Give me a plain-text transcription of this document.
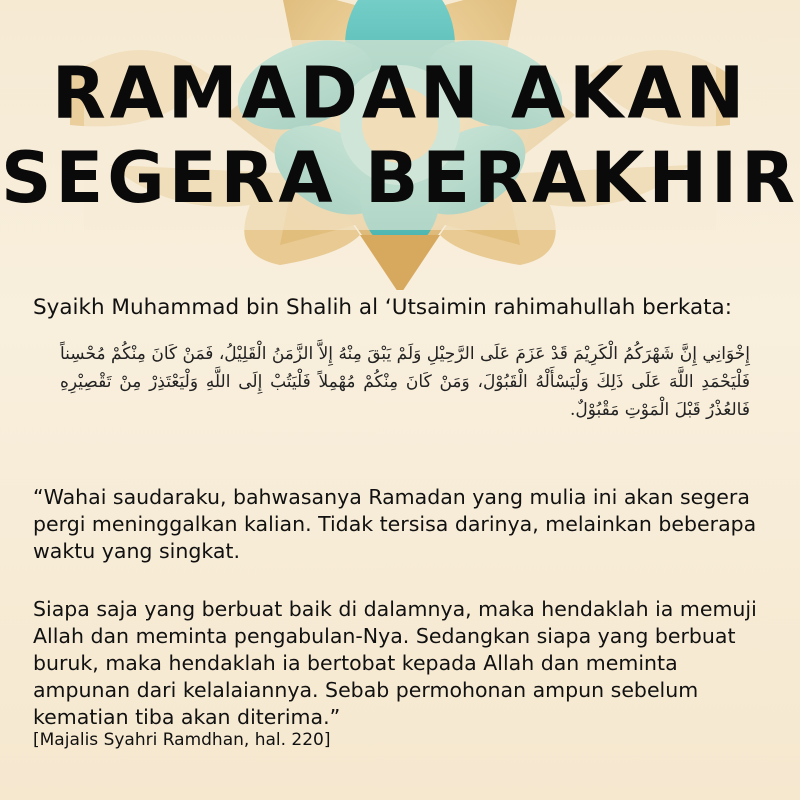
RAMADAN AKAN
SEGERA BERAKHIR
Syaikh Muhammad bin Shalih al ‘Utsaimin rahimahullah berkata:
إِخْوَانِي إِنَّ شَهْرَكُمُ الْكَرِيْمَ قَدْ عَزَمَ عَلَى الرَّحِيْلِ وَلَمْ يَبْقَ مِنْهُ إِلاَّ الزَّمَنُ الْقَلِيْلُ، فَمَنْ كَانَ مِنْكُمْ مُحْسِناً فَلْيَحْمَدِ اللَّهَ عَلَى ذَلِكَ وَلْيَسْأَلْهُ الْقَبُوْلَ، وَمَنْ كَانَ مِنْكُمْ مُهْمِلاً فَلْيَتُبْ إِلَى اللَّهِ وَلْيَعْتَذِرْ مِنْ تَقْصِيْرِهِ فَالعُذْرُ قَبْلَ الْمَوْتِ مَقْبُوْلٌ.
“Wahai saudaraku, bahwasanya Ramadan yang mulia ini akan segera pergi meninggalkan kalian. Tidak tersisa darinya, melainkan beberapa waktu yang singkat.
Siapa saja yang berbuat baik di dalamnya, maka hendaklah ia memuji Allah dan meminta pengabulan-Nya. Sedangkan siapa yang berbuat buruk, maka hendaklah ia bertobat kepada Allah dan meminta ampunan dari kelalaiannya. Sebab permohonan ampun sebelum kematian tiba akan diterima.”
[Majalis Syahri Ramdhan, hal. 220]
